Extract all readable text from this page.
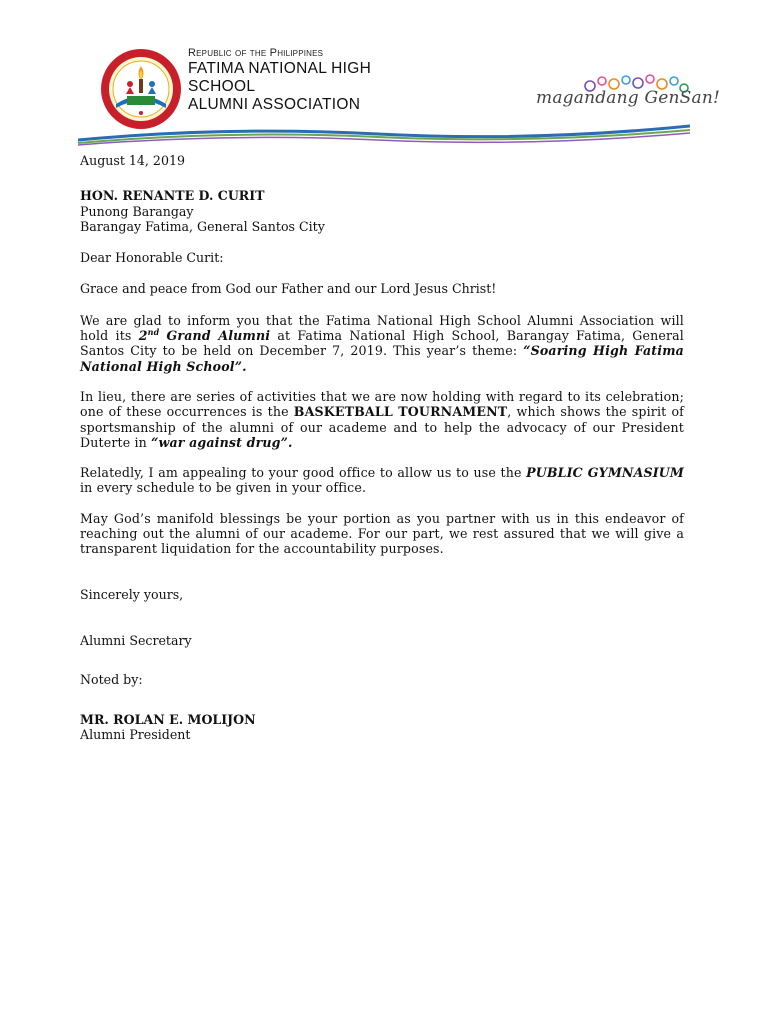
Republic of the Philippines
FATIMA NATIONAL HIGH
SCHOOL
ALUMNI ASSOCIATION	magandang GenSan!

August 14, 2019

HON. RENANTE D. CURIT

Punong Barangay

Barangay Fatima, General Santos City

Dear Honorable Curit:

Grace and peace from God our Father and our Lord Jesus Christ!

We are glad to inform you that the Fatima National High School Alumni Association will hold its 2nd Grand Alumni at Fatima National High School, Barangay Fatima, General Santos City to be held on December 7, 2019. This year’s theme: “Soaring High Fatima National High School”.

In lieu, there are series of activities that we are now holding with regard to its celebration; one of these occurrences is the BASKETBALL TOURNAMENT, which shows the spirit of sportsmanship of the alumni of our academe and to help the advocacy of our President Duterte in “war against drug”.

Relatedly, I am appealing to your good office to allow us to use the PUBLIC GYMNASIUM in every schedule to be given in your office.

May God’s manifold blessings be your portion as you partner with us in this endeavor of reaching out the alumni of our academe. For our part, we rest assured that we will give a transparent liquidation for the accountability purposes.

Sincerely yours,

Alumni Secretary

Noted by:

MR. ROLAN E. MOLIJON

Alumni President
